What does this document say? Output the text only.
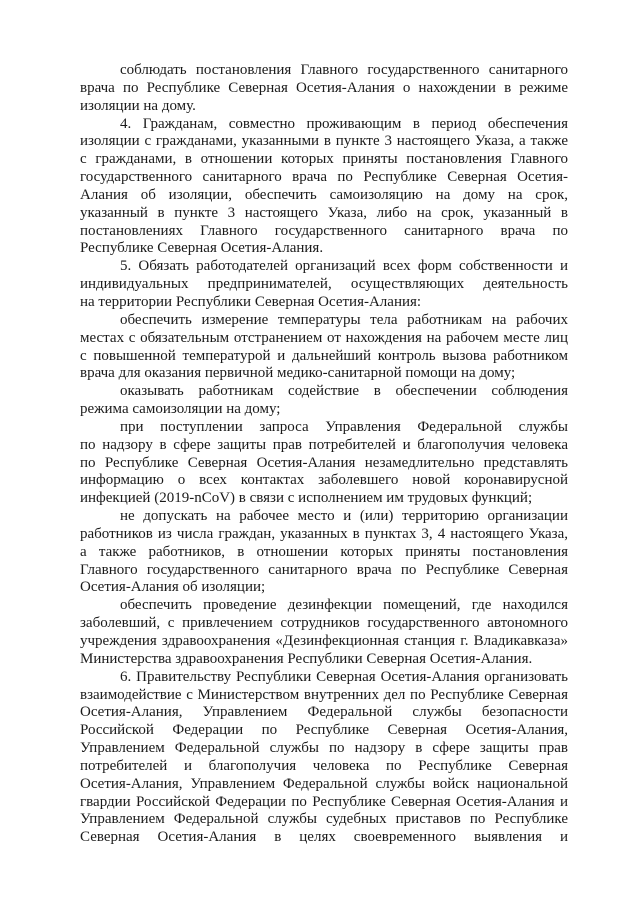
соблюдать постановления Главного государственного санитарного
врача по Республике Северная Осетия-Алания о нахождении в режиме
изоляции на дому.
4. Гражданам, совместно проживающим в период обеспечения
изоляции с гражданами, указанными в пункте 3 настоящего Указа, а также
с гражданами, в отношении которых приняты постановления Главного
государственного санитарного врача по Республике Северная Осетия-
Алания об изоляции, обеспечить самоизоляцию на дому на срок,
указанный в пункте 3 настоящего Указа, либо на срок, указанный в
постановлениях Главного государственного санитарного врача по
Республике Северная Осетия-Алания.
5. Обязать работодателей организаций всех форм собственности и
индивидуальных предпринимателей, осуществляющих деятельность
на территории Республики Северная Осетия-Алания:
обеспечить измерение температуры тела работникам на рабочих
местах с обязательным отстранением от нахождения на рабочем месте лиц
с повышенной температурой и дальнейший контроль вызова работником
врача для оказания первичной медико-санитарной помощи на дому;
оказывать работникам содействие в обеспечении соблюдения
режима самоизоляции на дому;
при поступлении запроса Управления Федеральной службы
по надзору в сфере защиты прав потребителей и благополучия человека
по Республике Северная Осетия-Алания незамедлительно представлять
информацию о всех контактах заболевшего новой коронавирусной
инфекцией (2019-nCoV) в связи с исполнением им трудовых функций;
не допускать на рабочее место и (или) территорию организации
работников из числа граждан, указанных в пунктах 3, 4 настоящего Указа,
а также работников, в отношении которых приняты постановления
Главного государственного санитарного врача по Республике Северная
Осетия-Алания об изоляции;
обеспечить проведение дезинфекции помещений, где находился
заболевший, с привлечением сотрудников государственного автономного
учреждения здравоохранения «Дезинфекционная станция г. Владикавказа»
Министерства здравоохранения Республики Северная Осетия-Алания.
6. Правительству Республики Северная Осетия-Алания организовать
взаимодействие с Министерством внутренних дел по Республике Северная
Осетия-Алания, Управлением Федеральной службы безопасности
Российской Федерации по Республике Северная Осетия-Алания,
Управлением Федеральной службы по надзору в сфере защиты прав
потребителей и благополучия человека по Республике Северная
Осетия-Алания, Управлением Федеральной службы войск национальной
гвардии Российской Федерации по Республике Северная Осетия-Алания и
Управлением Федеральной службы судебных приставов по Республике
Северная Осетия-Алания в целях своевременного выявления и
